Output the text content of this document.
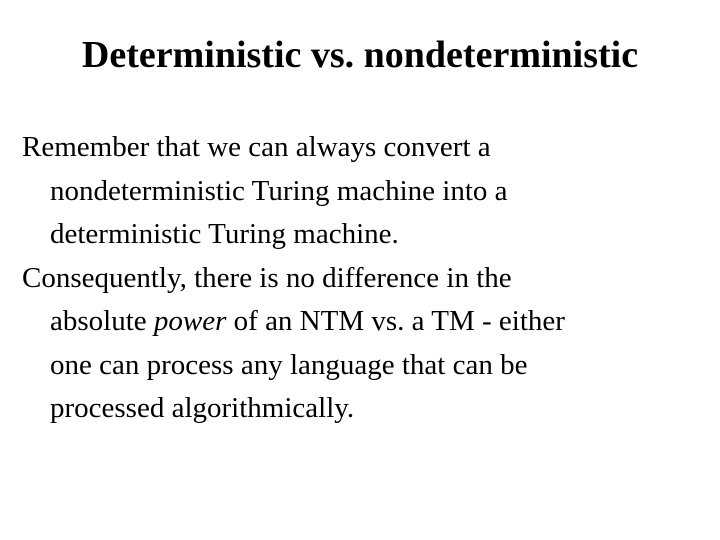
Deterministic vs. nondeterministic

Remember that we can always convert a
nondeterministic Turing machine into a
deterministic Turing machine.

Consequently, there is no difference in the
absolute power of an NTM vs. a TM - either
one can process any language that can be
processed algorithmically.
